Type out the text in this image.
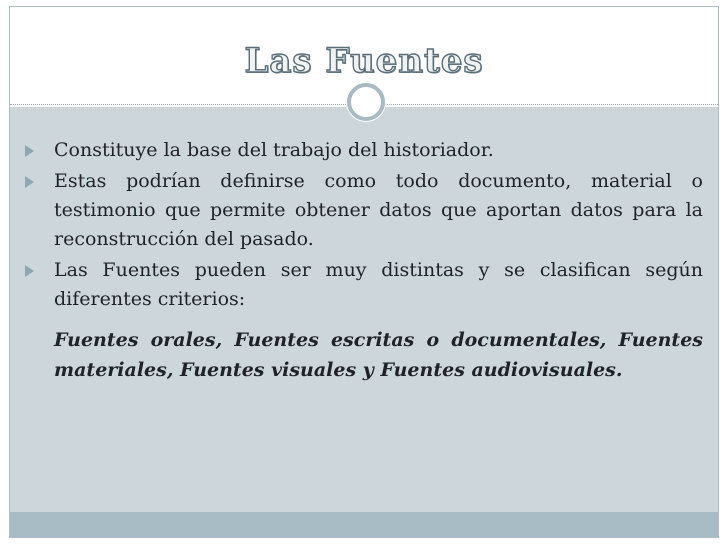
Las Fuentes
Constituye la base del trabajo del historiador.
Estas podrían definirse como todo documento, material o testimonio que permite obtener datos que aportan datos para la reconstrucción del pasado.
Las Fuentes pueden ser muy distintas y se clasifican según diferentes criterios:
Fuentes orales, Fuentes escritas o documentales, Fuentes materiales, Fuentes visuales y Fuentes audiovisuales.
